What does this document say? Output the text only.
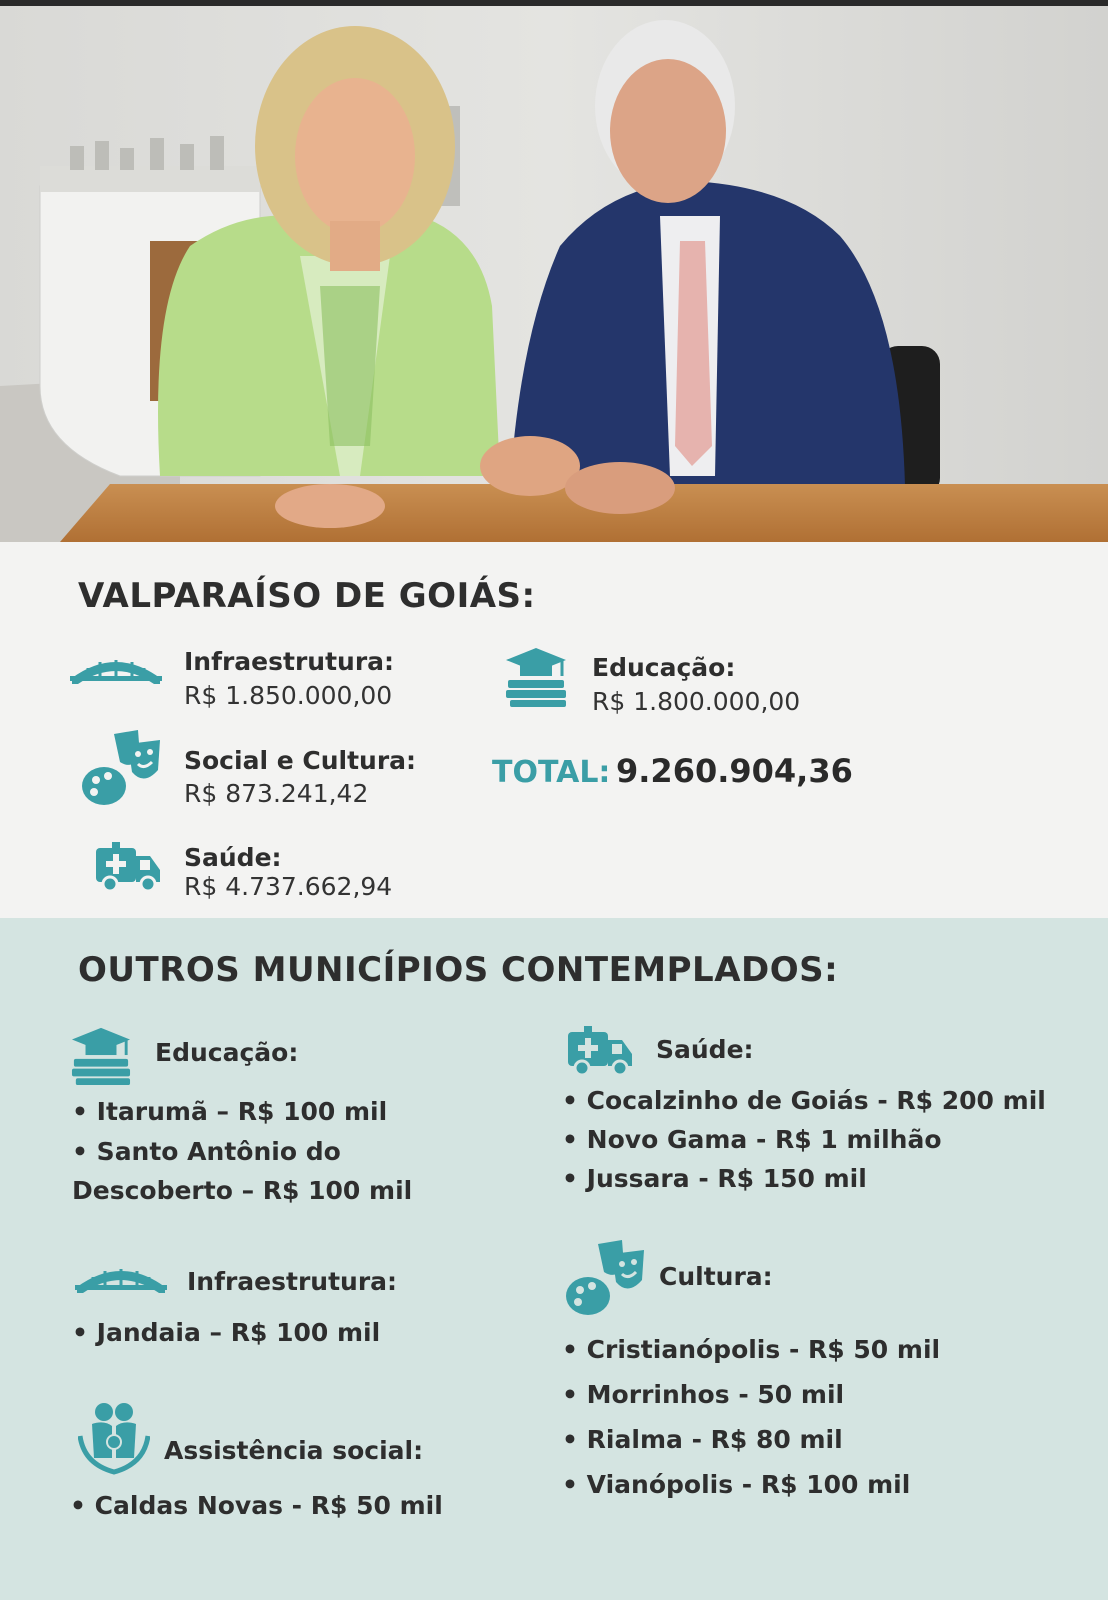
VALPARAÍSO DE GOIÁS:
Infraestrutura:
R$ 1.850.000,00
Educação:
R$ 1.800.000,00
Social e Cultura:
R$ 873.241,42
TOTAL: 9.260.904,36
Saúde:
R$ 4.737.662,94
OUTROS MUNICÍPIOS CONTEMPLADOS:
Educação:
• Itarumã – R$ 100 mil
• Santo Antônio do Descoberto – R$ 100 mil
Infraestrutura:
• Jandaia – R$ 100 mil
Assistência social:
• Caldas Novas - R$ 50 mil
Saúde:
• Cocalzinho de Goiás - R$ 200 mil
• Novo Gama - R$ 1 milhão
• Jussara - R$ 150 mil
Cultura:
• Cristianópolis - R$ 50 mil
• Morrinhos - 50 mil
• Rialma - R$ 80 mil
• Vianópolis - R$ 100 mil
